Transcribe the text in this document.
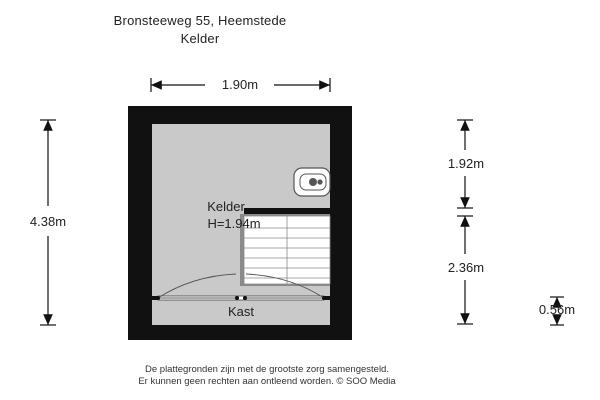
Bronsteeweg 55, Heemstede
Kelder
Kelder
H=1.94m
Kast
1.90m
4.38m
1.92m
2.36m
0.56m
De plattegronden zijn met de grootste zorg samengesteld.
Er kunnen geen rechten aan ontleend worden. © SOO Media
